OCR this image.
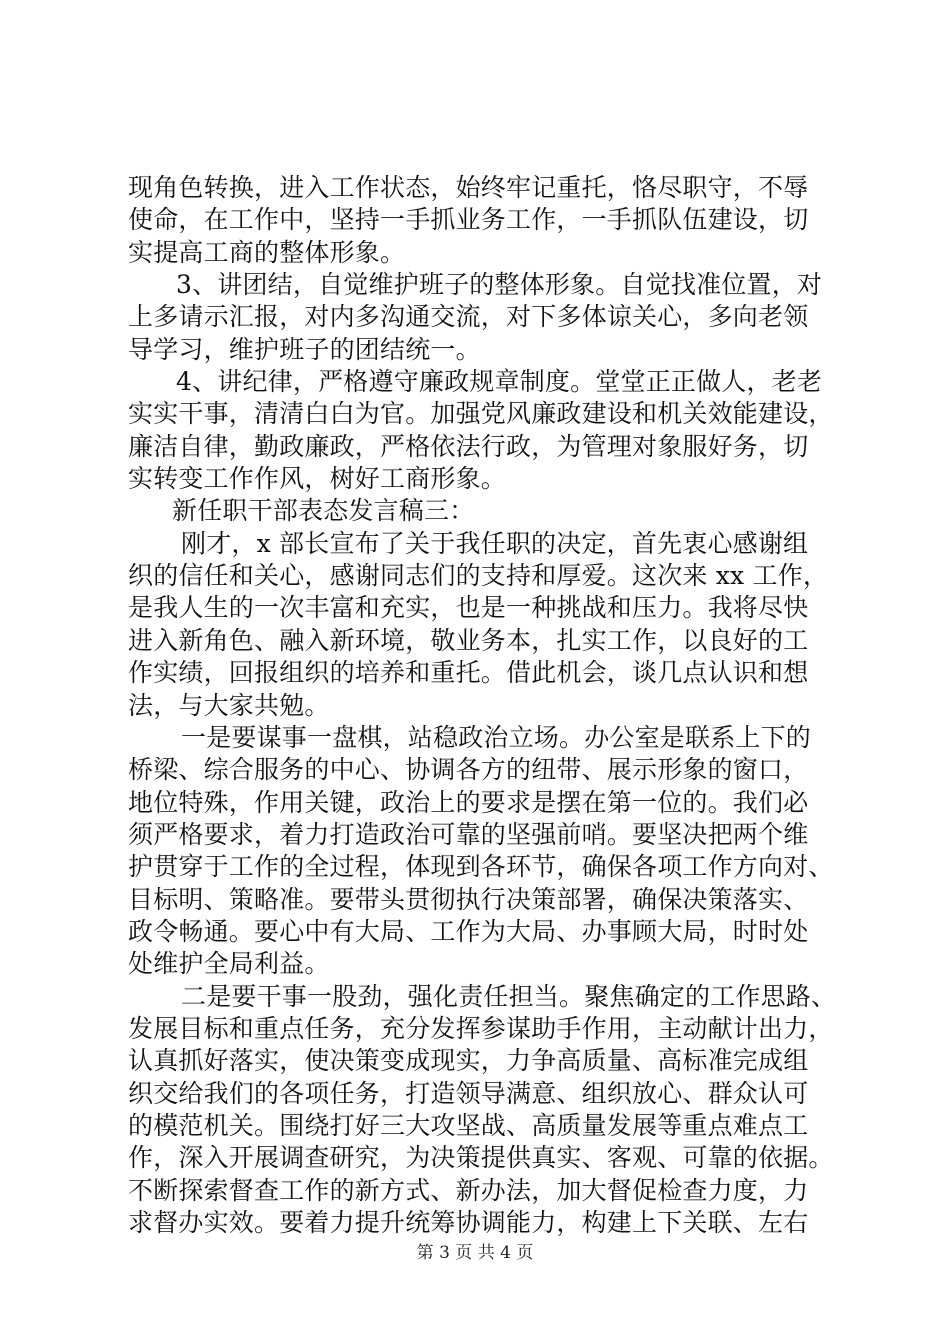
现角色转换，进入工作状态，始终牢记重托，恪尽职守，不辱
使命，在工作中，坚持一手抓业务工作，一手抓队伍建设，切
实提高工商的整体形象。
3、讲团结，自觉维护班子的整体形象。自觉找准位置，对
上多请示汇报，对内多沟通交流，对下多体谅关心，多向老领
导学习，维护班子的团结统一。
4、讲纪律，严格遵守廉政规章制度。堂堂正正做人，老老
实实干事，清清白白为官。加强党风廉政建设和机关效能建设，
廉洁自律，勤政廉政，严格依法行政，为管理对象服好务，切
实转变工作作风，树好工商形象。
新任职干部表态发言稿三：
刚才，x 部长宣布了关于我任职的决定，首先衷心感谢组
织的信任和关心，感谢同志们的支持和厚爱。这次来 xx 工作，
是我人生的一次丰富和充实，也是一种挑战和压力。我将尽快
进入新角色、融入新环境，敬业务本，扎实工作，以良好的工
作实绩，回报组织的培养和重托。借此机会，谈几点认识和想
法，与大家共勉。
一是要谋事一盘棋，站稳政治立场。办公室是联系上下的
桥梁、综合服务的中心、协调各方的纽带、展示形象的窗口，
地位特殊，作用关键，政治上的要求是摆在第一位的。我们必
须严格要求，着力打造政治可靠的坚强前哨。要坚决把两个维
护贯穿于工作的全过程，体现到各环节，确保各项工作方向对、
目标明、策略准。要带头贯彻执行决策部署，确保决策落实、
政令畅通。要心中有大局、工作为大局、办事顾大局，时时处
处维护全局利益。
二是要干事一股劲，强化责任担当。聚焦确定的工作思路、
发展目标和重点任务，充分发挥参谋助手作用，主动献计出力，
认真抓好落实，使决策变成现实，力争高质量、高标准完成组
织交给我们的各项任务，打造领导满意、组织放心、群众认可
的模范机关。围绕打好三大攻坚战、高质量发展等重点难点工
作，深入开展调查研究，为决策提供真实、客观、可靠的依据。
不断探索督查工作的新方式、新办法，加大督促检查力度，力
求督办实效。要着力提升统筹协调能力，构建上下关联、左右
第 3 页 共 4 页
